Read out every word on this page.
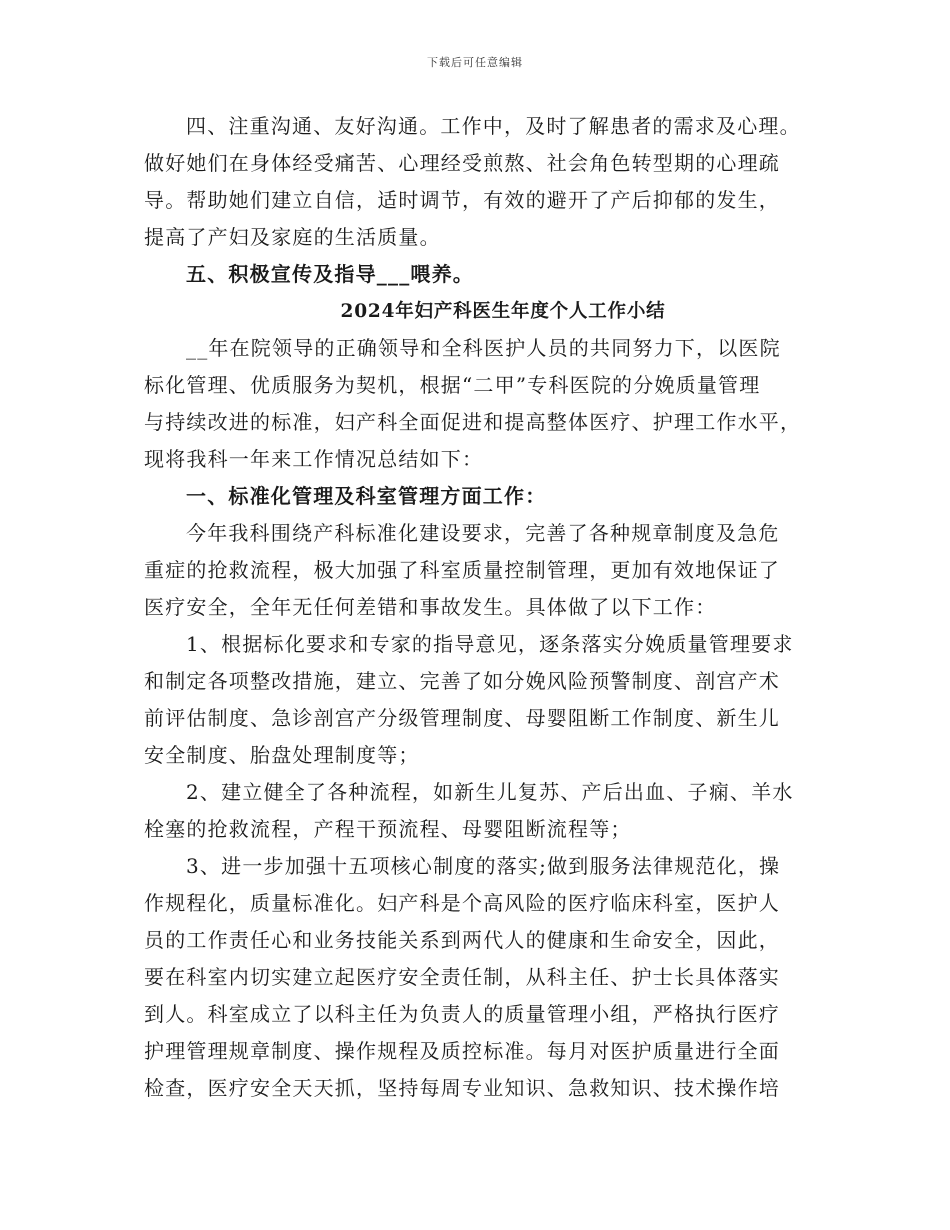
下载后可任意编辑
四、注重沟通、友好沟通。工作中，及时了解患者的需求及心理。
做好她们在身体经受痛苦、心理经受煎熬、社会角色转型期的心理疏
导。帮助她们建立自信，适时调节，有效的避开了产后抑郁的发生，
提高了产妇及家庭的生活质量。
五、积极宣传及指导___喂养。
2024年妇产科医生年度个人工作小结
__年在院领导的正确领导和全科医护人员的共同努力下，以医院
标化管理、优质服务为契机，根据“二甲”专科医院的分娩质量管理
与持续改进的标准，妇产科全面促进和提高整体医疗、护理工作水平，
现将我科一年来工作情况总结如下：
一、标准化管理及科室管理方面工作：
今年我科围绕产科标准化建设要求，完善了各种规章制度及急危
重症的抢救流程，极大加强了科室质量控制管理，更加有效地保证了
医疗安全，全年无任何差错和事故发生。具体做了以下工作：
1、根据标化要求和专家的指导意见，逐条落实分娩质量管理要求
和制定各项整改措施，建立、完善了如分娩风险预警制度、剖宫产术
前评估制度、急诊剖宫产分级管理制度、母婴阻断工作制度、新生儿
安全制度、胎盘处理制度等；
2、建立健全了各种流程，如新生儿复苏、产后出血、子痫、羊水
栓塞的抢救流程，产程干预流程、母婴阻断流程等；
3、进一步加强十五项核心制度的落实;做到服务法律规范化，操
作规程化，质量标准化。妇产科是个高风险的医疗临床科室，医护人
员的工作责任心和业务技能关系到两代人的健康和生命安全，因此，
要在科室内切实建立起医疗安全责任制，从科主任、护士长具体落实
到人。科室成立了以科主任为负责人的质量管理小组，严格执行医疗
护理管理规章制度、操作规程及质控标准。每月对医护质量进行全面
检查，医疗安全天天抓，坚持每周专业知识、急救知识、技术操作培
